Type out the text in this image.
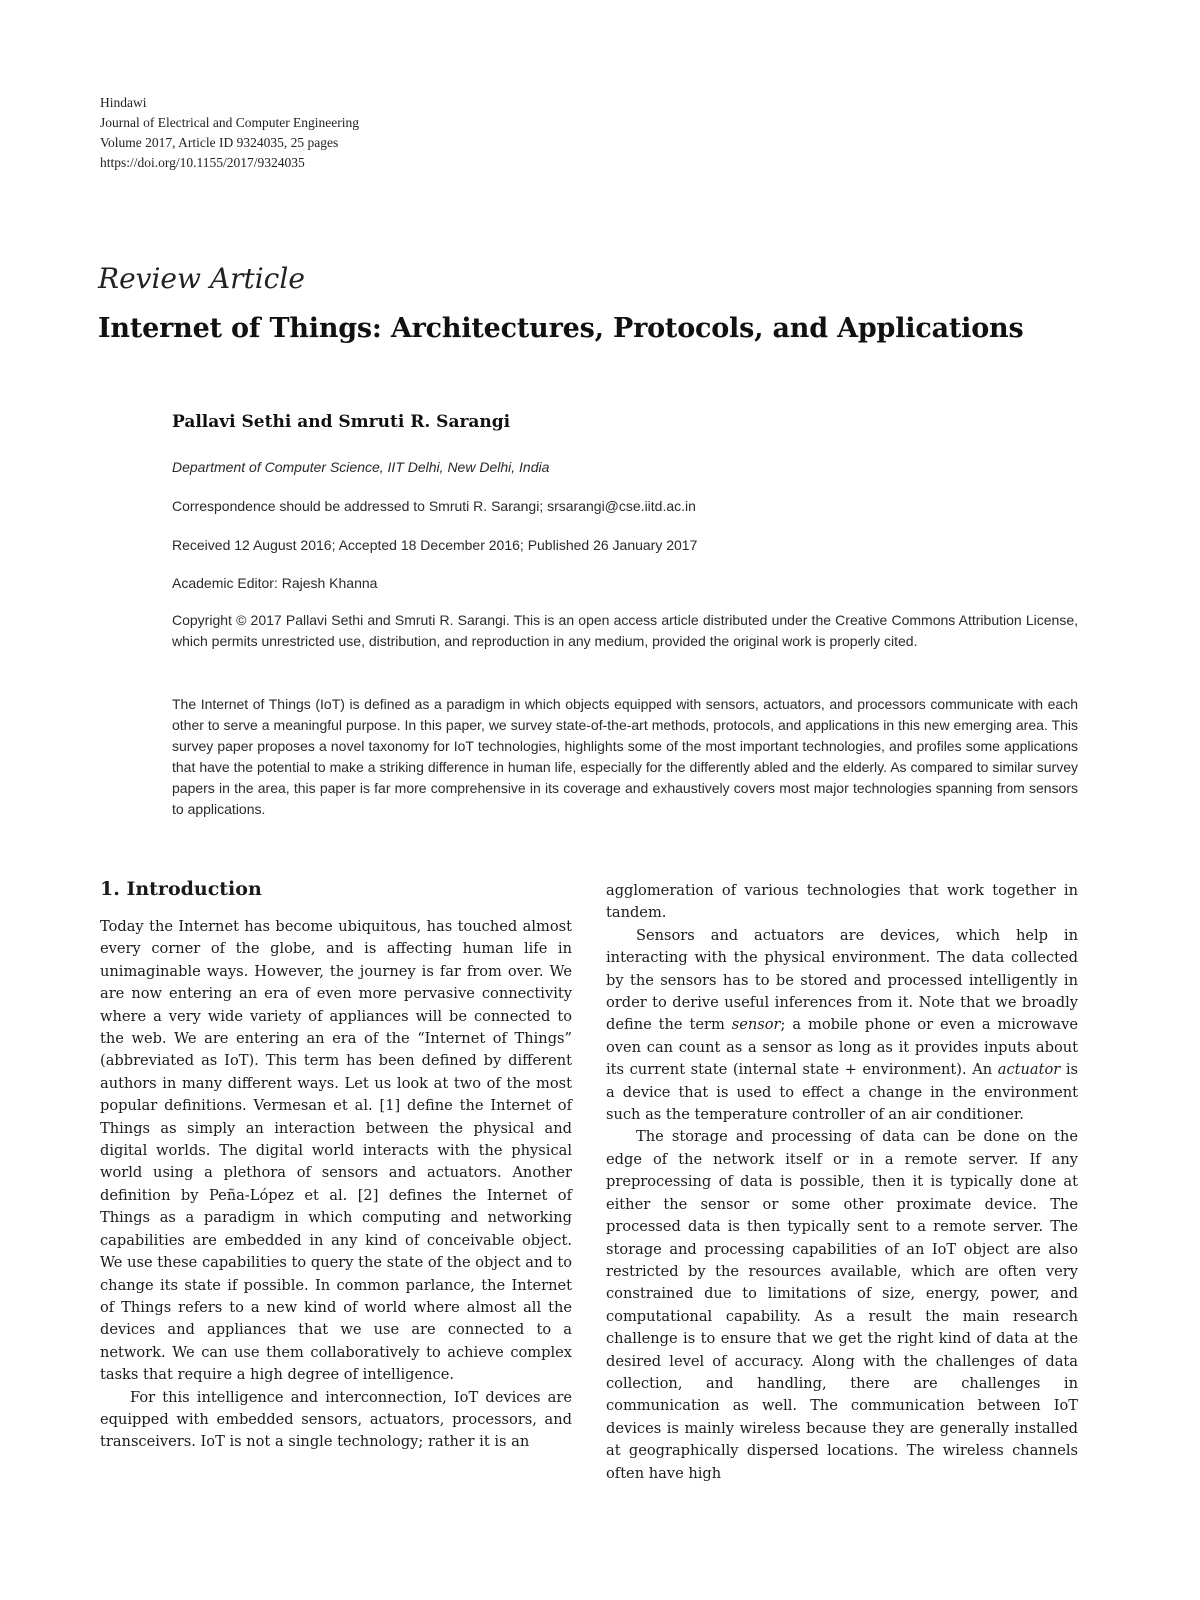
Hindawi
Journal of Electrical and Computer Engineering
Volume 2017, Article ID 9324035, 25 pages
https://doi.org/10.1155/2017/9324035
Review Article
Internet of Things: Architectures, Protocols, and Applications
Pallavi Sethi and Smruti R. Sarangi
Department of Computer Science, IIT Delhi, New Delhi, India
Correspondence should be addressed to Smruti R. Sarangi; srsarangi@cse.iitd.ac.in
Received 12 August 2016; Accepted 18 December 2016; Published 26 January 2017
Academic Editor: Rajesh Khanna
Copyright © 2017 Pallavi Sethi and Smruti R. Sarangi. This is an open access article distributed under the Creative Commons Attribution License, which permits unrestricted use, distribution, and reproduction in any medium, provided the original work is properly cited.
The Internet of Things (IoT) is defined as a paradigm in which objects equipped with sensors, actuators, and processors communicate with each other to serve a meaningful purpose. In this paper, we survey state-of-the-art methods, protocols, and applications in this new emerging area. This survey paper proposes a novel taxonomy for IoT technologies, highlights some of the most important technologies, and profiles some applications that have the potential to make a striking difference in human life, especially for the differently abled and the elderly. As compared to similar survey papers in the area, this paper is far more comprehensive in its coverage and exhaustively covers most major technologies spanning from sensors to applications.
1. Introduction

Today the Internet has become ubiquitous, has touched almost every corner of the globe, and is affecting human life in unimaginable ways. However, the journey is far from over. We are now entering an era of even more pervasive connectivity where a very wide variety of appliances will be connected to the web. We are entering an era of the “Internet of Things” (abbreviated as IoT). This term has been defined by different authors in many different ways. Let us look at two of the most popular definitions. Vermesan et al. [1] define the Internet of Things as simply an interaction between the physical and digital worlds. The digital world interacts with the physical world using a plethora of sensors and actuators. Another definition by Peña-López et al. [2] defines the Internet of Things as a paradigm in which computing and networking capabilities are embedded in any kind of conceivable object. We use these capabilities to query the state of the object and to change its state if possible. In common parlance, the Internet of Things refers to a new kind of world where almost all the devices and appliances that we use are connected to a network. We can use them collaboratively to achieve complex tasks that require a high degree of intelligence.

For this intelligence and interconnection, IoT devices are equipped with embedded sensors, actuators, processors, and transceivers. IoT is not a single technology; rather it is an

agglomeration of various technologies that work together in tandem.

Sensors and actuators are devices, which help in interacting with the physical environment. The data collected by the sensors has to be stored and processed intelligently in order to derive useful inferences from it. Note that we broadly define the term sensor; a mobile phone or even a microwave oven can count as a sensor as long as it provides inputs about its current state (internal state + environment). An actuator is a device that is used to effect a change in the environment such as the temperature controller of an air conditioner.

The storage and processing of data can be done on the edge of the network itself or in a remote server. If any preprocessing of data is possible, then it is typically done at either the sensor or some other proximate device. The processed data is then typically sent to a remote server. The storage and processing capabilities of an IoT object are also restricted by the resources available, which are often very constrained due to limitations of size, energy, power, and computational capability. As a result the main research challenge is to ensure that we get the right kind of data at the desired level of accuracy. Along with the challenges of data collection, and handling, there are challenges in communication as well. The communication between IoT devices is mainly wireless because they are generally installed at geographically dispersed locations. The wireless channels often have high
